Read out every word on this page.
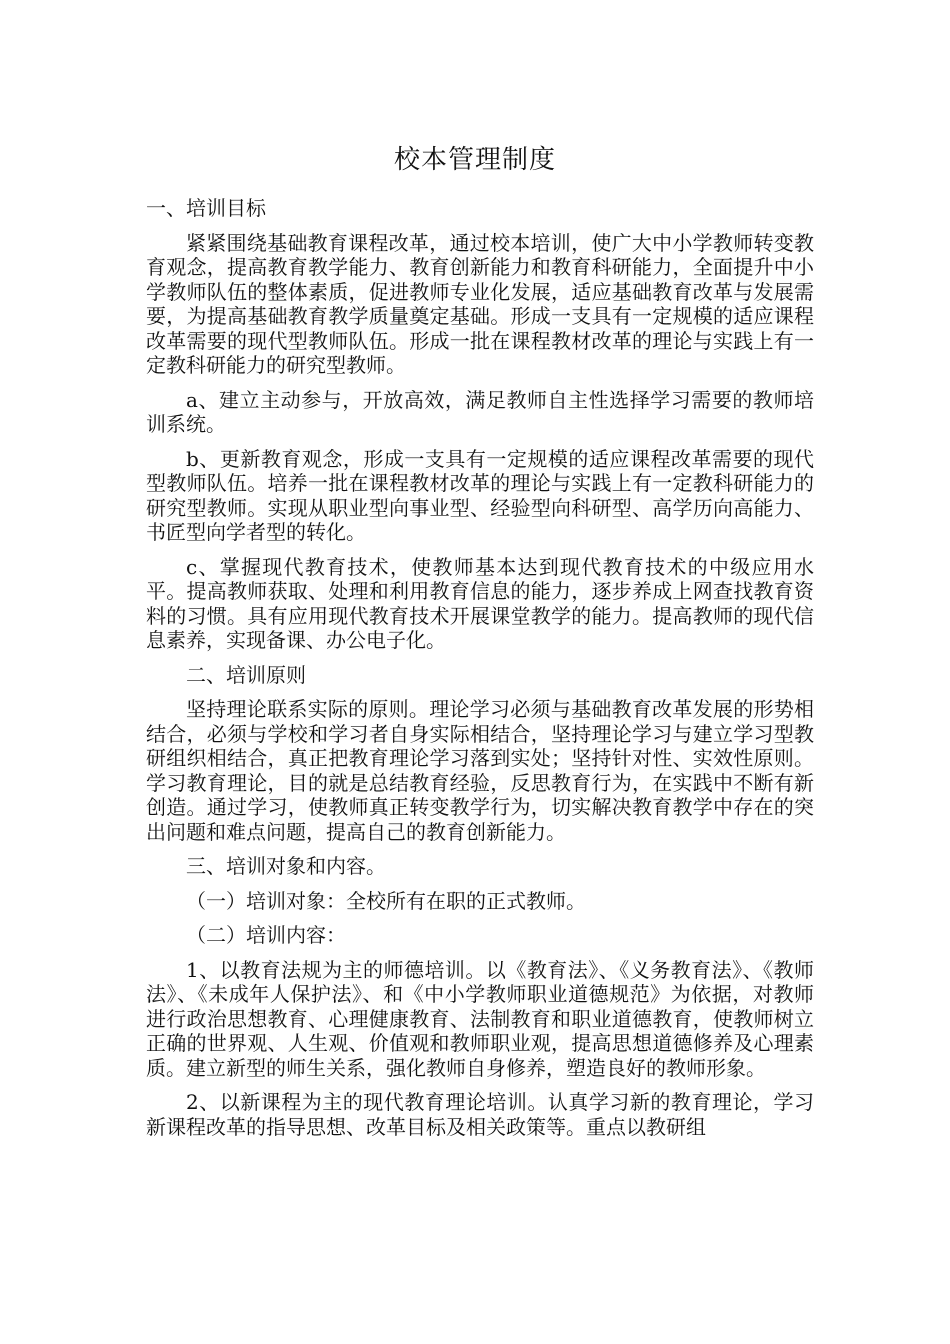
校本管理制度

一、培训目标

紧紧围绕基础教育课程改革，通过校本培训，使广大中小学教师转变教育观念，提高教育教学能力、教育创新能力和教育科研能力，全面提升中小学教师队伍的整体素质，促进教师专业化发展，适应基础教育改革与发展需要，为提高基础教育教学质量奠定基础。形成一支具有一定规模的适应课程改革需要的现代型教师队伍。形成一批在课程教材改革的理论与实践上有一定教科研能力的研究型教师。

a、建立主动参与，开放高效，满足教师自主性选择学习需要的教师培训系统。

b、更新教育观念，形成一支具有一定规模的适应课程改革需要的现代型教师队伍。培养一批在课程教材改革的理论与实践上有一定教科研能力的研究型教师。实现从职业型向事业型、经验型向科研型、高学历向高能力、书匠型向学者型的转化。

c、掌握现代教育技术，使教师基本达到现代教育技术的中级应用水平。提高教师获取、处理和利用教育信息的能力，逐步养成上网查找教育资料的习惯。具有应用现代教育技术开展课堂教学的能力。提高教师的现代信息素养，实现备课、办公电子化。

二、培训原则

坚持理论联系实际的原则。理论学习必须与基础教育改革发展的形势相结合，必须与学校和学习者自身实际相结合，坚持理论学习与建立学习型教研组织相结合，真正把教育理论学习落到实处；坚持针对性、实效性原则。学习教育理论，目的就是总结教育经验，反思教育行为，在实践中不断有新创造。通过学习，使教师真正转变教学行为，切实解决教育教学中存在的突出问题和难点问题，提高自己的教育创新能力。

三、培训对象和内容。

（一）培训对象：全校所有在职的正式教师。

（二）培训内容：

1、以教育法规为主的师德培训。以《教育法》、《义务教育法》、《教师法》、《未成年人保护法》、和《中小学教师职业道德规范》为依据，对教师进行政治思想教育、心理健康教育、法制教育和职业道德教育，使教师树立正确的世界观、人生观、价值观和教师职业观，提高思想道德修养及心理素质。建立新型的师生关系，强化教师自身修养，塑造良好的教师形象。

2、以新课程为主的现代教育理论培训。认真学习新的教育理论，学习新课程改革的指导思想、改革目标及相关政策等。重点以教研组
